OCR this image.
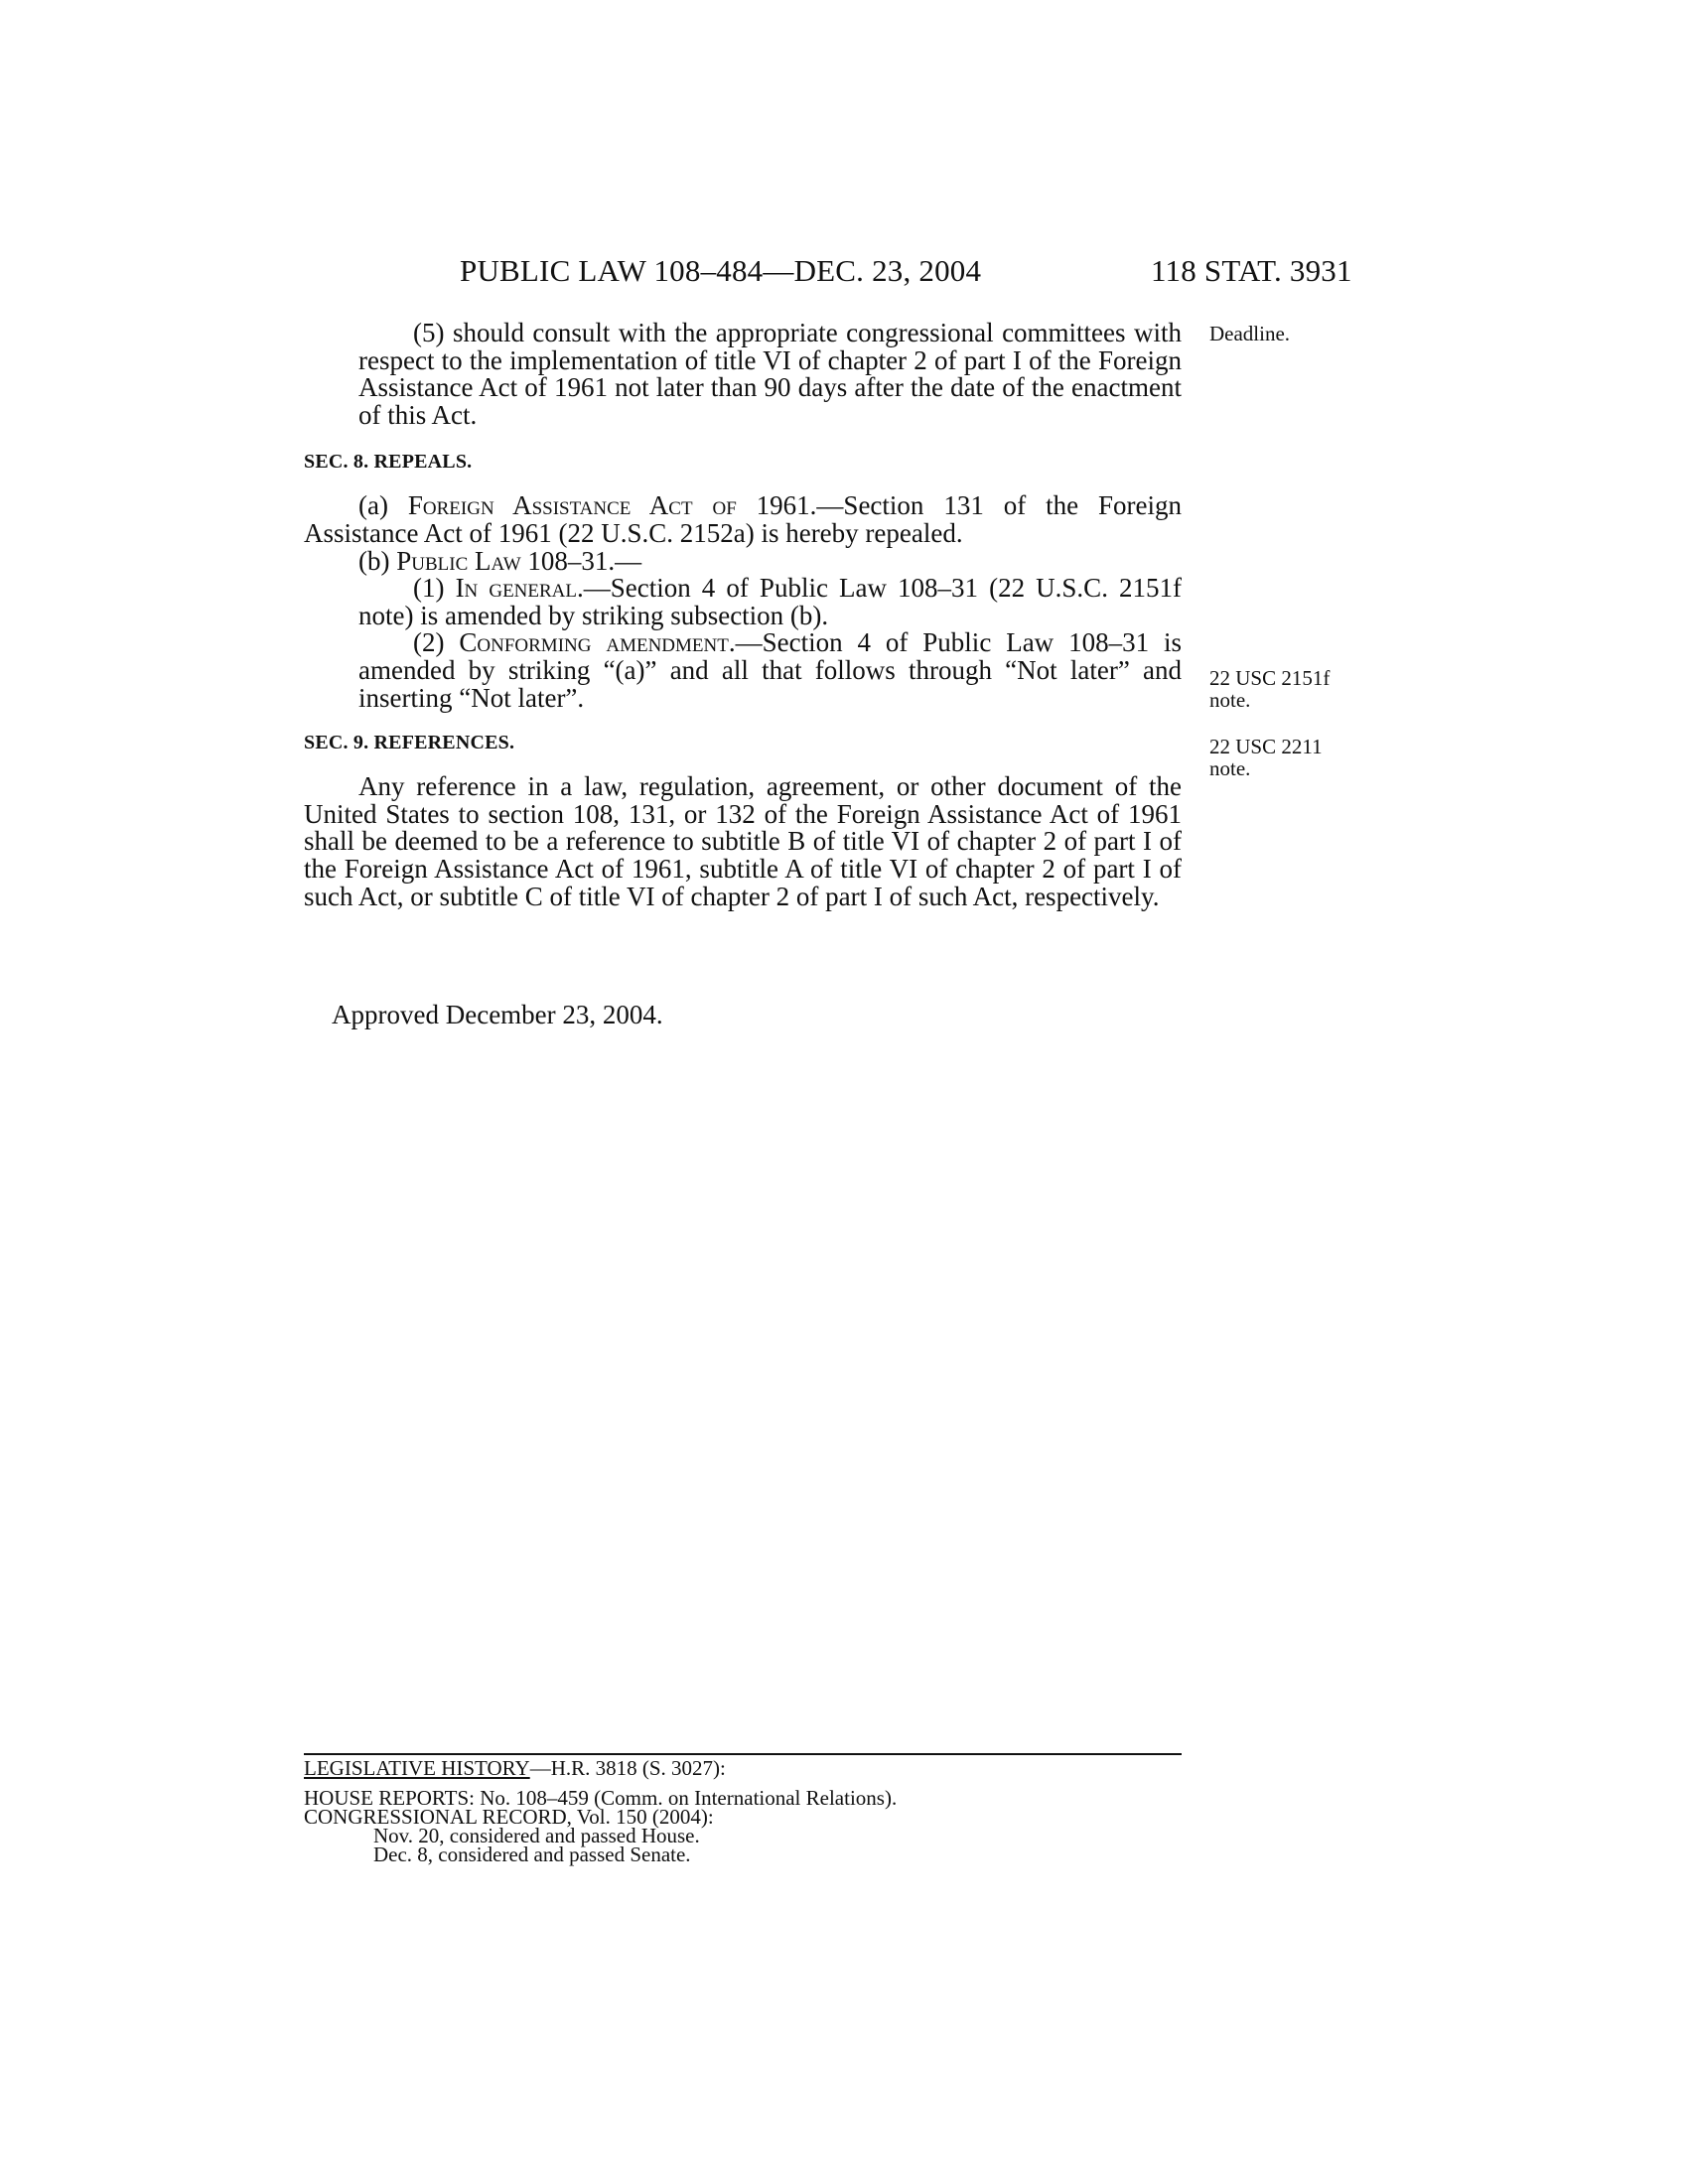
PUBLIC LAW 108–484—DEC. 23, 2004	118 STAT. 3931
Deadline.
22 USC 2151f note.
22 USC 2211 note.

(5) should consult with the appropriate congressional committees with respect to the implementation of title VI of chapter 2 of part I of the Foreign Assistance Act of 1961 not later than 90 days after the date of the enactment of this Act.

SEC. 8. REPEALS.

(a) Foreign Assistance Act of 1961.—Section 131 of the Foreign Assistance Act of 1961 (22 U.S.C. 2152a) is hereby repealed.

(b) Public Law 108–31.—

(1) In general.—Section 4 of Public Law 108–31 (22 U.S.C. 2151f note) is amended by striking subsection (b).

(2) Conforming amendment.—Section 4 of Public Law 108–31 is amended by striking “(a)” and all that follows through “Not later” and inserting “Not later”.

SEC. 9. REFERENCES.

Any reference in a law, regulation, agreement, or other document of the United States to section 108, 131, or 132 of the Foreign Assistance Act of 1961 shall be deemed to be a reference to subtitle B of title VI of chapter 2 of part I of the Foreign Assistance Act of 1961, subtitle A of title VI of chapter 2 of part I of such Act, or subtitle C of title VI of chapter 2 of part I of such Act, respectively.

Approved December 23, 2004.
LEGISLATIVE HISTORY—H.R. 3818 (S. 3027):
HOUSE REPORTS: No. 108–459 (Comm. on International Relations).
CONGRESSIONAL RECORD, Vol. 150 (2004):
Nov. 20, considered and passed House.
Dec. 8, considered and passed Senate.
